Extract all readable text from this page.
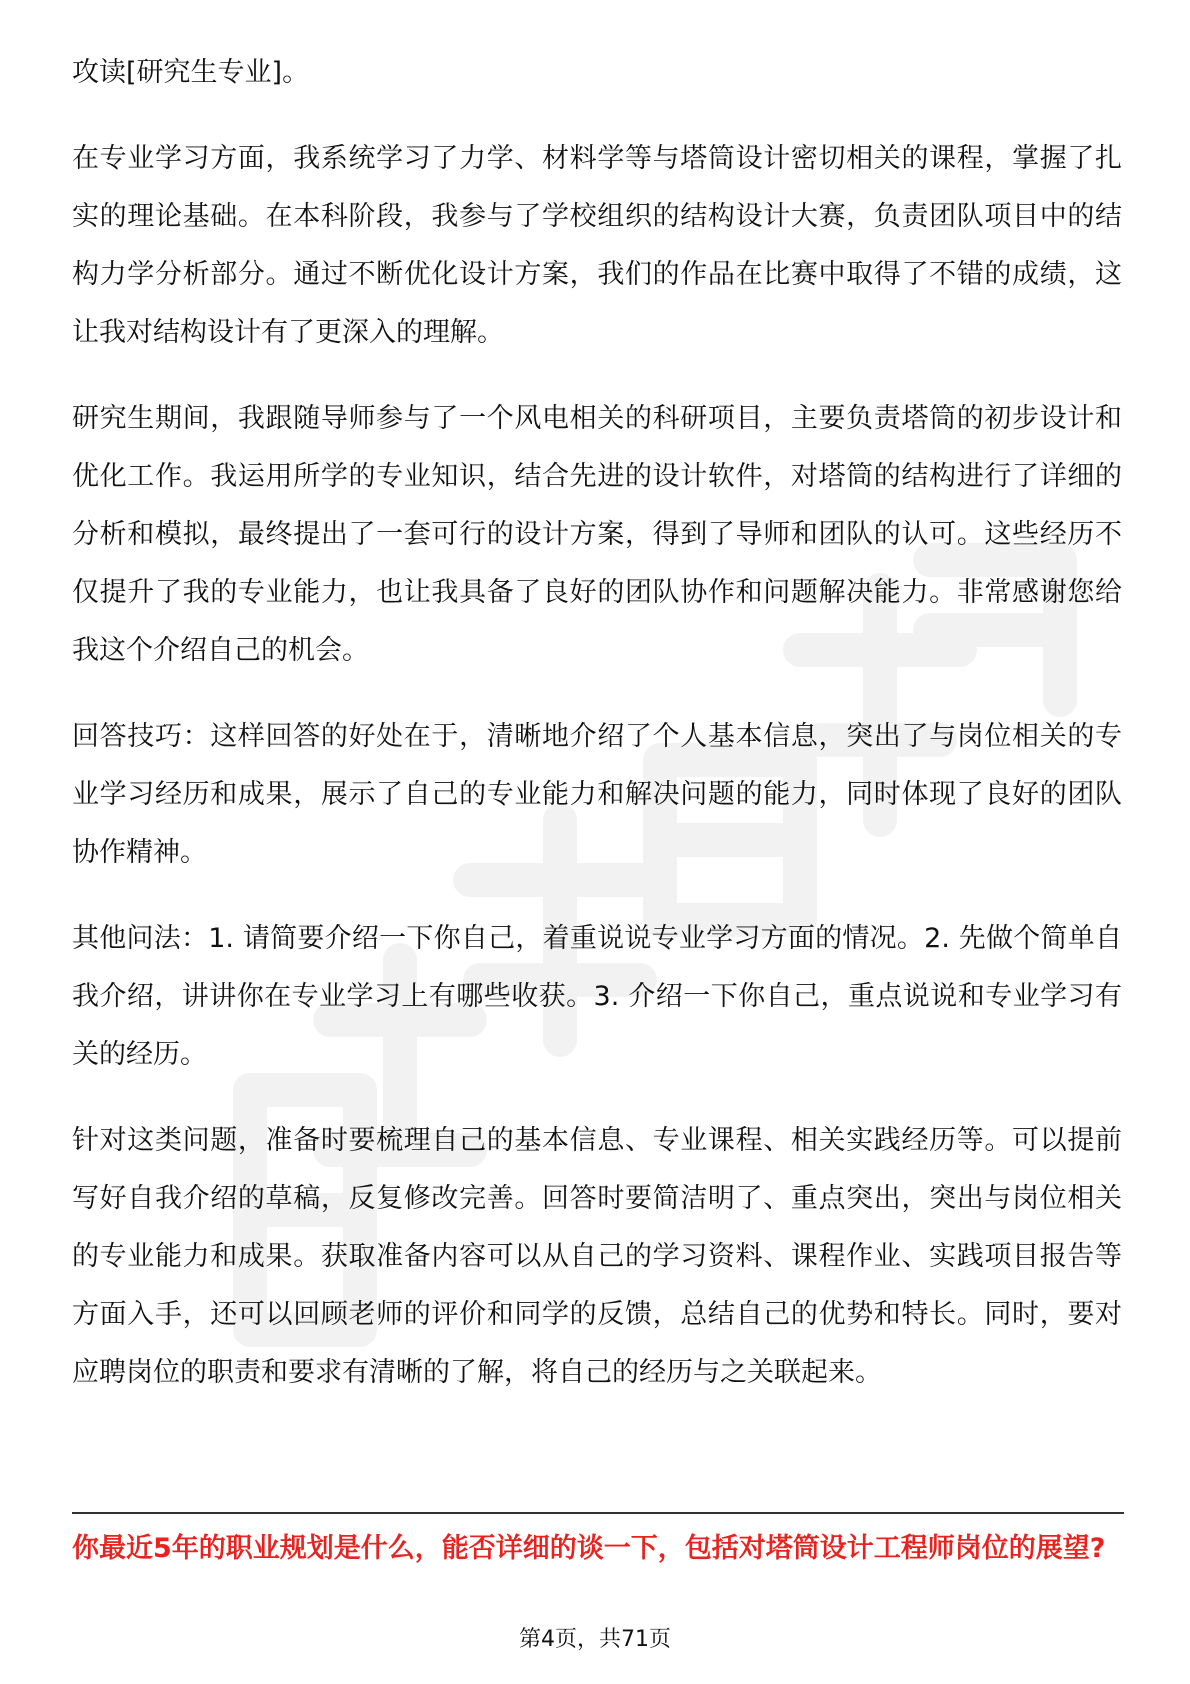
攻读[研究生专业]。

在专业学习方面，我系统学习了力学、材料学等与塔筒设计密切相关的课程，掌握了扎实的理论基础。在本科阶段，我参与了学校组织的结构设计大赛，负责团队项目中的结构力学分析部分。通过不断优化设计方案，我们的作品在比赛中取得了不错的成绩，这让我对结构设计有了更深入的理解。

研究生期间，我跟随导师参与了一个风电相关的科研项目，主要负责塔筒的初步设计和优化工作。我运用所学的专业知识，结合先进的设计软件，对塔筒的结构进行了详细的分析和模拟，最终提出了一套可行的设计方案，得到了导师和团队的认可。这些经历不仅提升了我的专业能力，也让我具备了良好的团队协作和问题解决能力。非常感谢您给我这个介绍自己的机会。

回答技巧：这样回答的好处在于，清晰地介绍了个人基本信息，突出了与岗位相关的专业学习经历和成果，展示了自己的专业能力和解决问题的能力，同时体现了良好的团队协作精神。

其他问法：1. 请简要介绍一下你自己，着重说说专业学习方面的情况。2. 先做个简单自我介绍，讲讲你在专业学习上有哪些收获。3. 介绍一下你自己，重点说说和专业学习有关的经历。

针对这类问题，准备时要梳理自己的基本信息、专业课程、相关实践经历等。可以提前写好自我介绍的草稿，反复修改完善。回答时要简洁明了、重点突出，突出与岗位相关的专业能力和成果。获取准备内容可以从自己的学习资料、课程作业、实践项目报告等方面入手，还可以回顾老师的评价和同学的反馈，总结自己的优势和特长。同时，要对应聘岗位的职责和要求有清晰的了解，将自己的经历与之关联起来。

你最近5年的职业规划是什么，能否详细的谈一下，包括对塔筒设计工程师岗位的展望?

第4页，共71页
